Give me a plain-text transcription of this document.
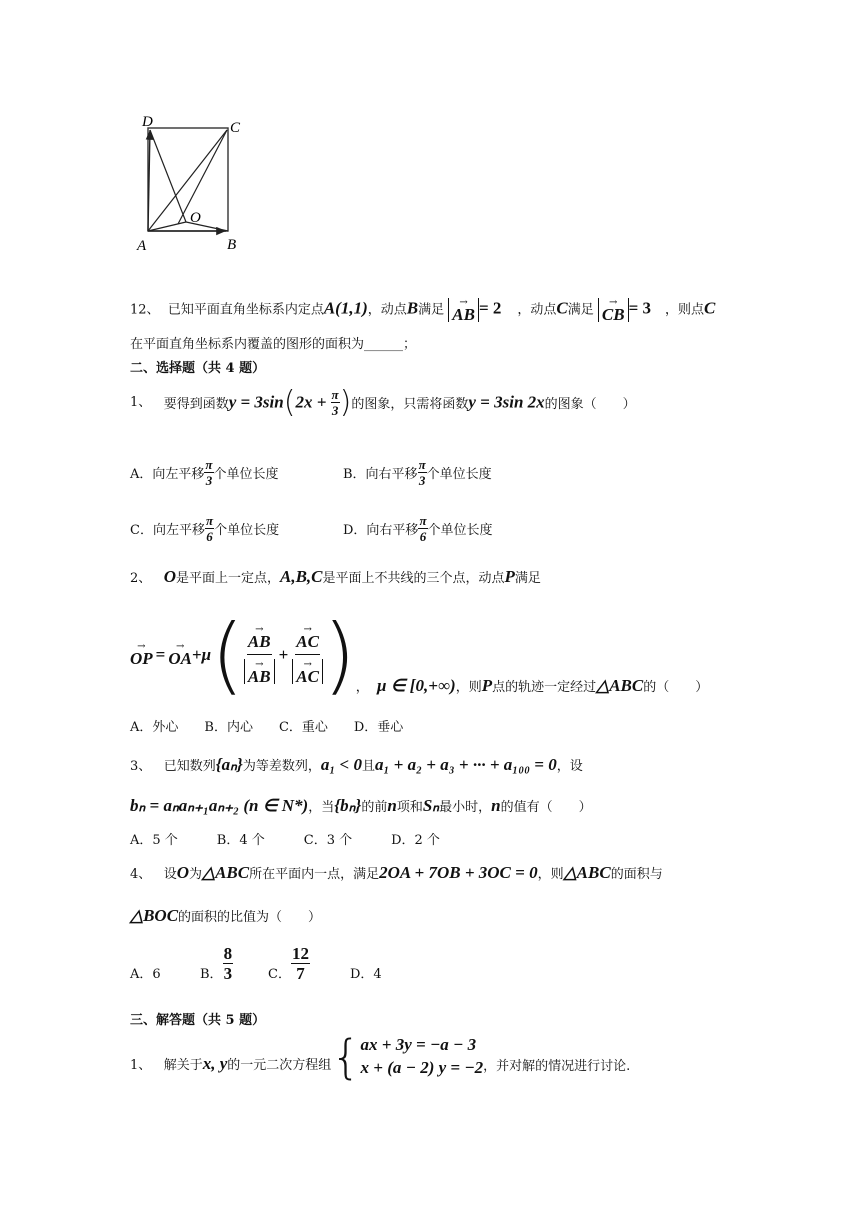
D	C
A	B
O
12、 已知平面直角坐标系内定点A(1,1)，动点B满足
→
AB = 2 ，动点C满足
→
CB = 3 ，则点C
在平面直角坐标系内覆盖的图形的面积为______；
二、选择题（共 4 题）
1、 要得到函数$y = 3\sin(2x + \frac{\pi}{3}$ )的图象，只需将函数y = 3sin 2x的图象（　　）
A．向左平移 $\frac{\pi}{3}$ 个单位长度	B．向右平移 $\frac{\pi}{3}$ 个单位长度
C．向左平移 $\frac{\pi}{6}$ 个单位长度	D．向右平移 $\frac{\pi}{6}$ 个单位长度
2、 O是平面上一定点，A,B,C是平面上不共线的三个点，动点P满足
→
OP = →
OA + μ ( →
AB
→
AB + →
AC
→
AC ) ， μ ∈ [0,+∞)，则P点的轨迹一定经过△ABC的（　　）
A．外心　　B．内心　　C．重心　　D．垂心
3、 已知数列{aₙ}为等差数列，a₁ < 0且a₁ + a₂ + a₃ + ··· + a₁₀₀ = 0，设
bₙ = aₙaₙ₊₁aₙ₊₂ (n ∈ N*)，当{bₙ}的前n项和Sₙ最小时，n的值有（　　）
A．5 个　　　B．4 个　　　C．3 个　　　D．2 个
4、 设O为△ABC所在平面内一点，满足2OA + 7OB + 3OC = 0，则△ABC的面积与
△BOC的面积的比值为（　　）
A．6	B． $\frac{8}{3}$	C． $\frac{12}{7}$	D．4
三、解答题（共 5 题）
1、 解关于x, y的一元二次方程组 { ax + 3y = −a − 3
x + (a − 2) y = −2 ，并对解的情况进行讨论.
